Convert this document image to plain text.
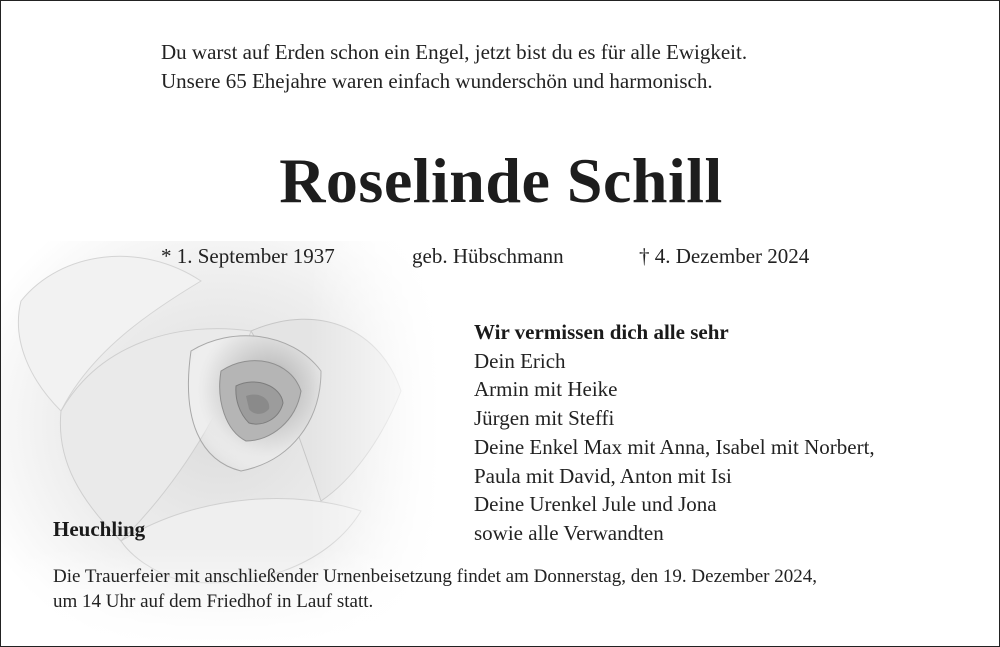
Du warst auf Erden schon ein Engel, jetzt bist du es für alle Ewigkeit.
Unsere 65 Ehejahre waren einfach wunderschön und harmonisch.
Roselinde Schill
* 1. September 1937	geb. Hübschmann	† 4. Dezember 2024
Wir vermissen dich alle sehr
Dein Erich
Armin mit Heike
Jürgen mit Steffi
Deine Enkel Max mit Anna, Isabel mit Norbert,
Paula mit David, Anton mit Isi
Deine Urenkel Jule und Jona
sowie alle Verwandten
Heuchling
Die Trauerfeier mit anschließender Urnenbeisetzung findet am Donnerstag, den 19. Dezember 2024,
um 14 Uhr auf dem Friedhof in Lauf statt.
